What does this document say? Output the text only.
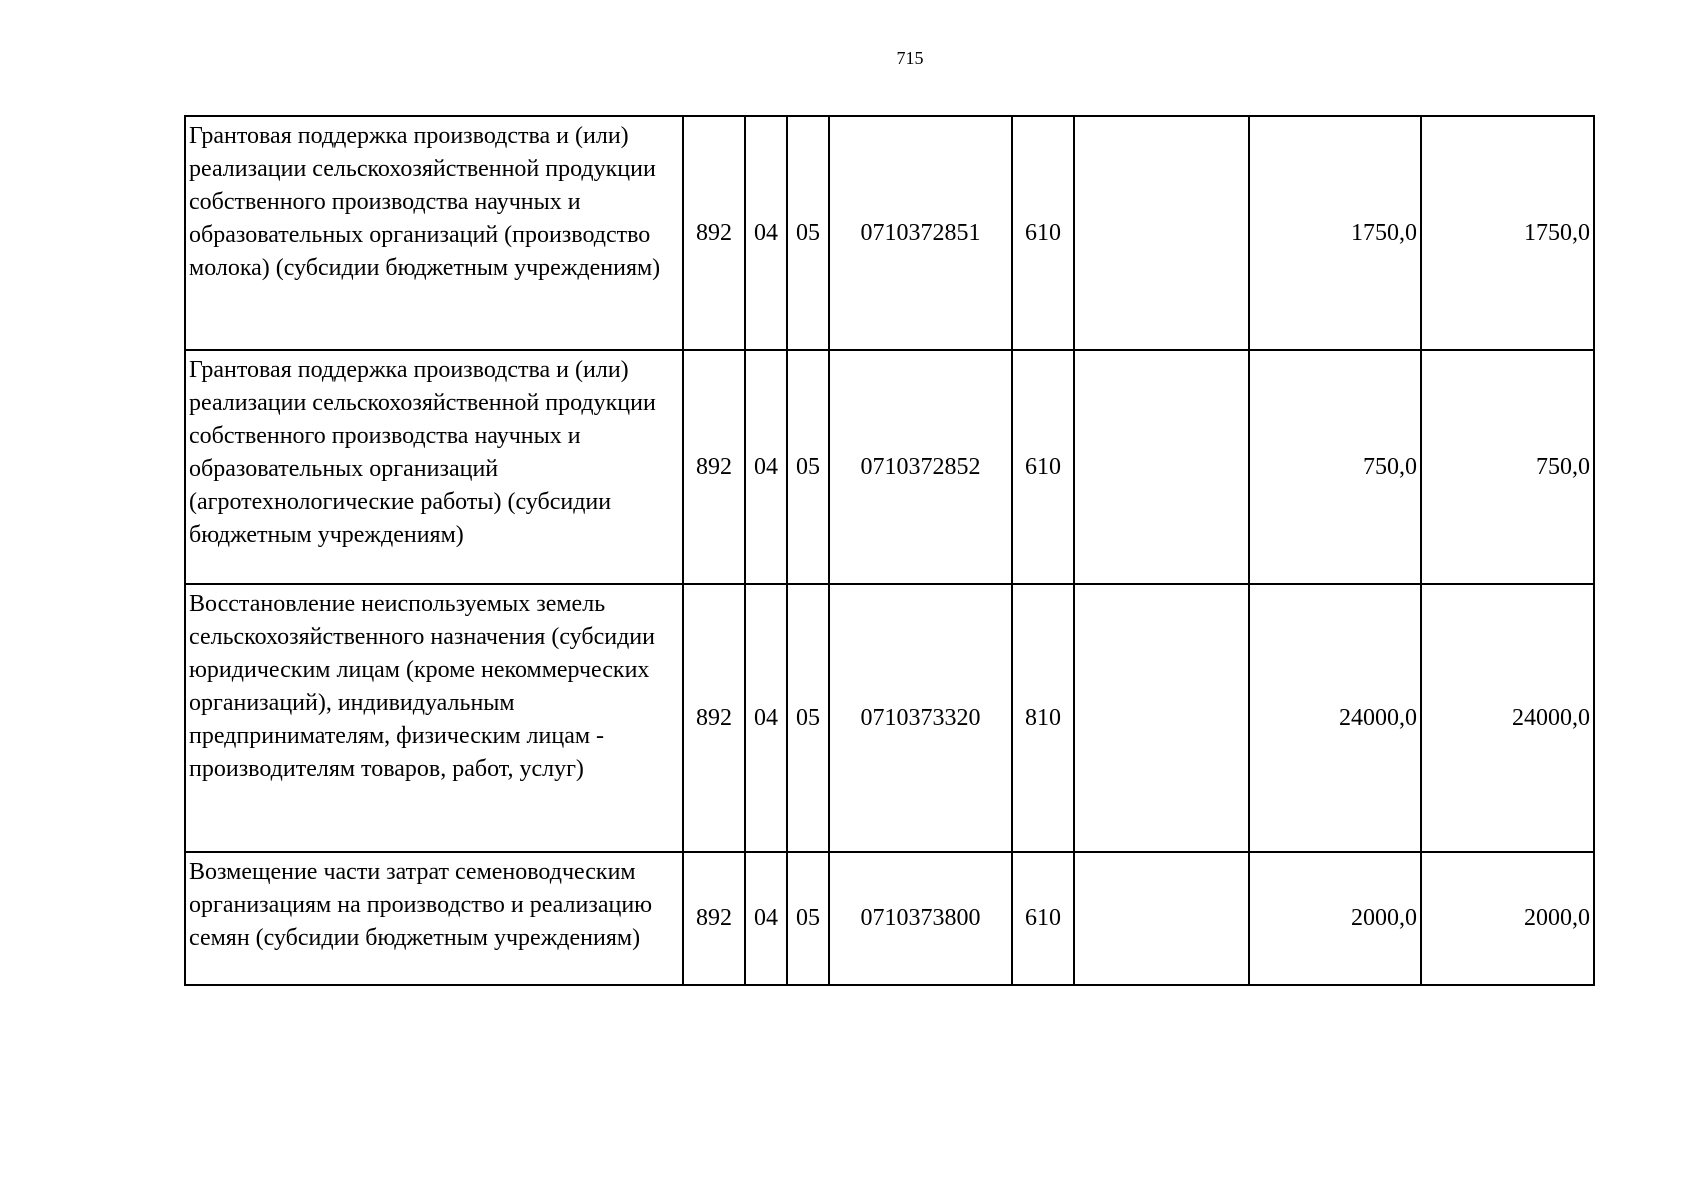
715
Грантовая поддержка производства и (или) реализации сельскохозяйственной продукции собственного производства научных и образовательных организаций (производство молока) (субсидии бюджетным учреждениям)	892	04	05	0710372851	610		1750,0	1750,0
Грантовая поддержка производства и (или) реализации сельскохозяйственной продукции собственного производства научных и образовательных организаций (агротехнологические работы) (субсидии бюджетным учреждениям)	892	04	05	0710372852	610		750,0	750,0
Восстановление неиспользуемых земель сельскохозяйственного назначения (субсидии юридическим лицам (кроме некоммерческих организаций), индивидуальным предпринимателям, физическим лицам - производителям товаров, работ, услуг)	892	04	05	0710373320	810		24000,0	24000,0
Возмещение части затрат семеноводческим организациям на производство и реализацию семян (субсидии бюджетным учреждениям)	892	04	05	0710373800	610		2000,0	2000,0
